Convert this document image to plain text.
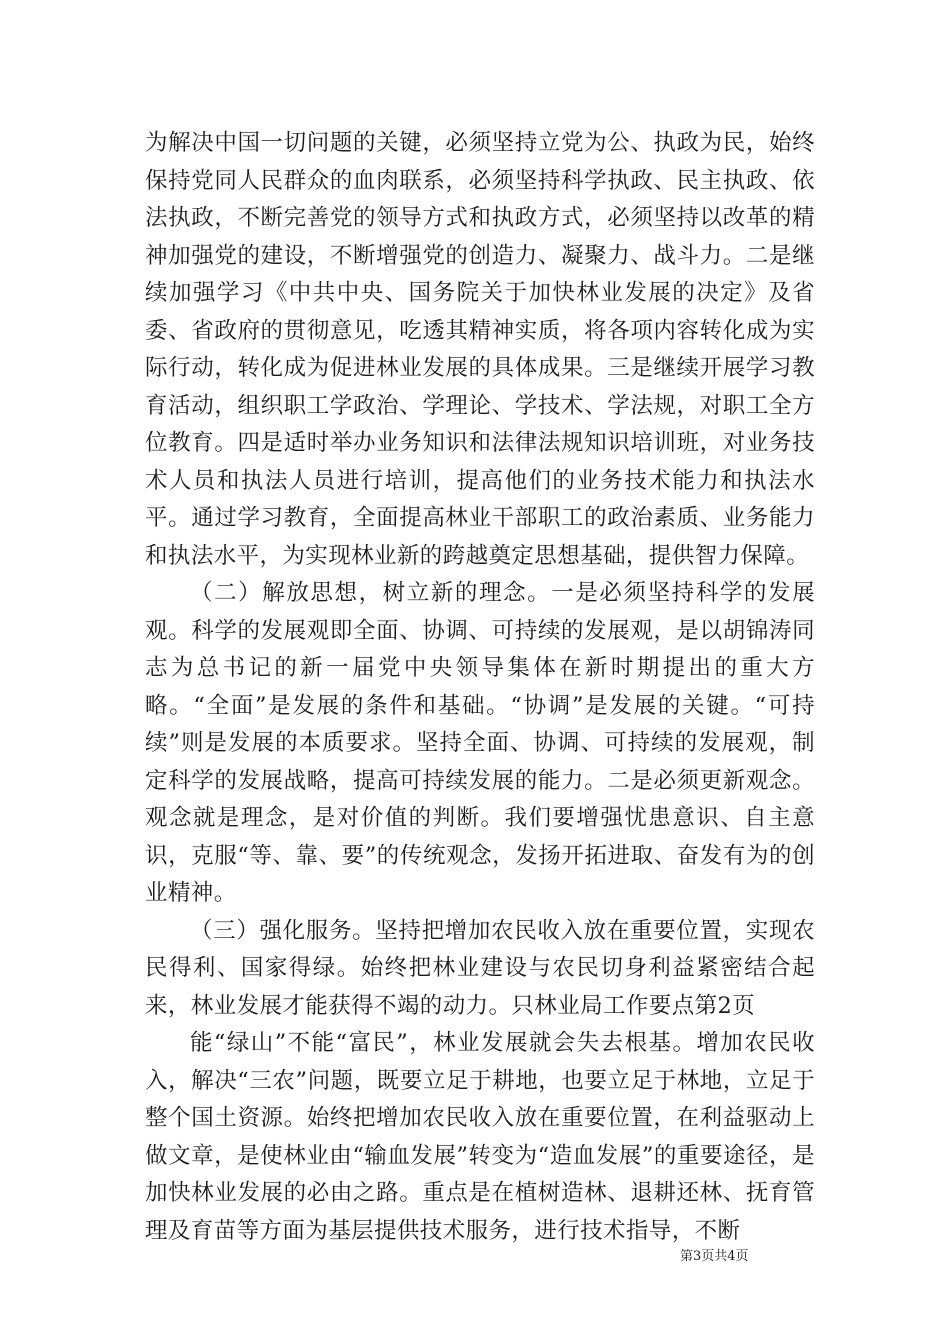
为解决中国一切问题的关键，必须坚持立党为公、执政为民，始终保持党同人民群众的血肉联系，必须坚持科学执政、民主执政、依法执政，不断完善党的领导方式和执政方式，必须坚持以改革的精神加强党的建设，不断增强党的创造力、凝聚力、战斗力。二是继续加强学习《中共中央、国务院关于加快林业发展的决定》及省委、省政府的贯彻意见，吃透其精神实质，将各项内容转化成为实际行动，转化成为促进林业发展的具体成果。三是继续开展学习教育活动，组织职工学政治、学理论、学技术、学法规，对职工全方位教育。四是适时举办业务知识和法律法规知识培训班，对业务技术人员和执法人员进行培训，提高他们的业务技术能力和执法水平。通过学习教育，全面提高林业干部职工的政治素质、业务能力和执法水平，为实现林业新的跨越奠定思想基础，提供智力保障。

（二）解放思想，树立新的理念。一是必须坚持科学的发展观。科学的发展观即全面、协调、可持续的发展观，是以胡锦涛同志为总书记的新一届党中央领导集体在新时期提出的重大方略。“全面”是发展的条件和基础。“协调”是发展的关键。“可持续”则是发展的本质要求。坚持全面、协调、可持续的发展观，制定科学的发展战略，提高可持续发展的能力。二是必须更新观念。观念就是理念，是对价值的判断。我们要增强忧患意识、自主意识，克服“等、靠、要”的传统观念，发扬开拓进取、奋发有为的创业精神。

（三）强化服务。坚持把增加农民收入放在重要位置，实现农民得利、国家得绿。始终把林业建设与农民切身利益紧密结合起来，林业发展才能获得不竭的动力。只林业局工作要点第2页

能“绿山”不能“富民”，林业发展就会失去根基。增加农民收入，解决“三农”问题，既要立足于耕地，也要立足于林地，立足于整个国土资源。始终把增加农民收入放在重要位置，在利益驱动上做文章，是使林业由“输血发展”转变为“造血发展”的重要途径，是加快林业发展的必由之路。重点是在植树造林、退耕还林、抚育管理及育苗等方面为基层提供技术服务，进行技术指导，不断

第3页共4页
